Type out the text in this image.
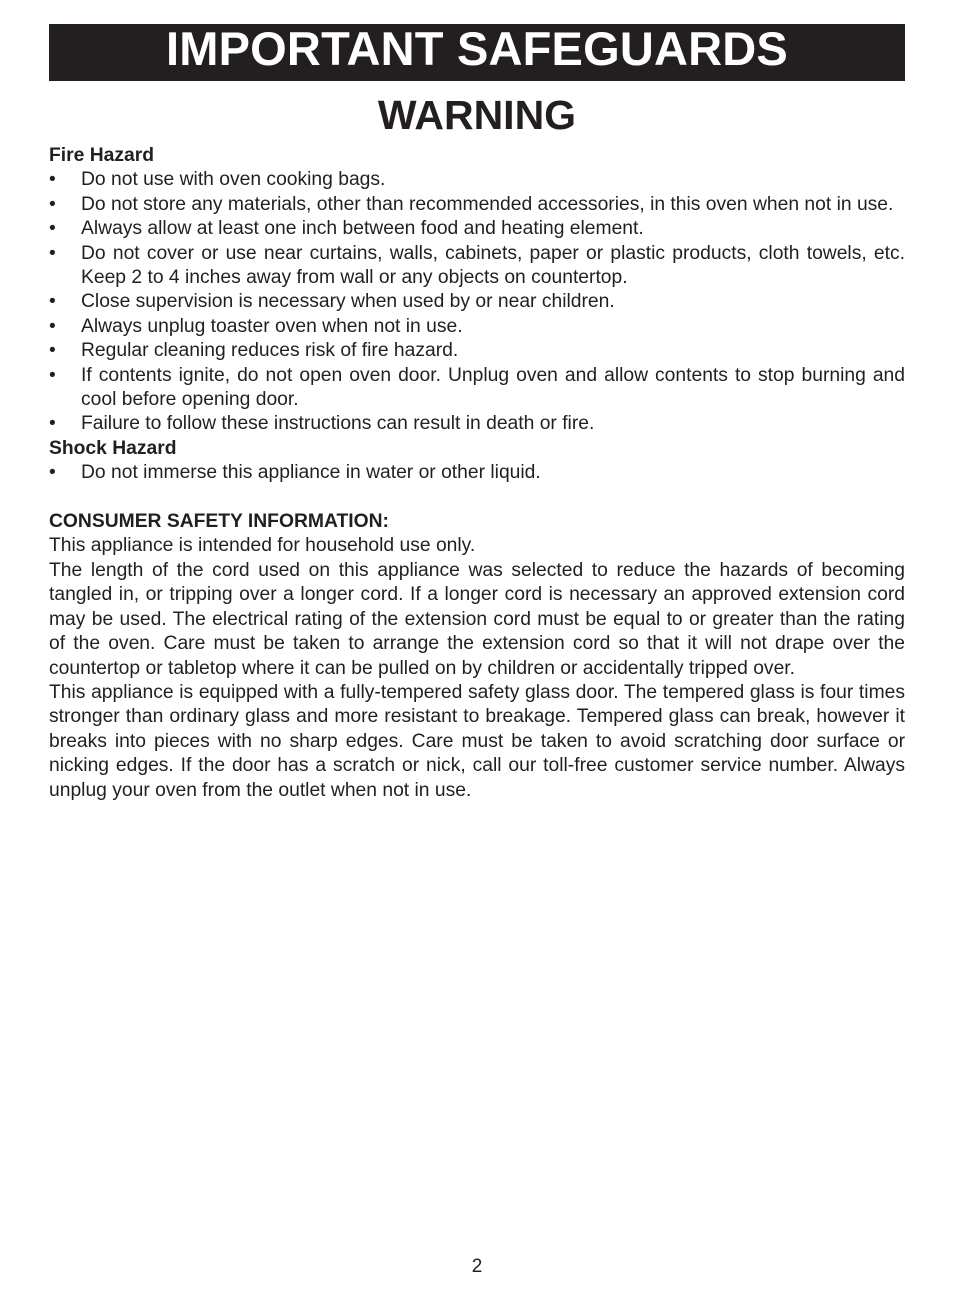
IMPORTANT SAFEGUARDS
WARNING
Fire Hazard
• Do not use with oven cooking bags.
• Do not store any materials, other than recommended accessories, in this oven when not in use.
• Always allow at least one inch between food and heating element.
• Do not cover or use near curtains, walls, cabinets, paper or plastic products, cloth towels, etc. Keep 2 to 4 inches away from wall or any objects on countertop.
• Close supervision is necessary when used by or near children.
• Always unplug toaster oven when not in use.
• Regular cleaning reduces risk of fire hazard.
• If contents ignite, do not open oven door. Unplug oven and allow contents to stop burning and cool before opening door.
• Failure to follow these instructions can result in death or fire.
Shock Hazard
• Do not immerse this appliance in water or other liquid.
CONSUMER SAFETY INFORMATION:

This appliance is intended for household use only.

The length of the cord used on this appliance was selected to reduce the hazards of becoming tangled in, or tripping over a longer cord. If a longer cord is necessary an approved extension cord may be used. The electrical rating of the extension cord must be equal to or greater than the rating of the oven. Care must be taken to arrange the extension cord so that it will not drape over the countertop or tabletop where it can be pulled on by children or accidentally tripped over.

This appliance is equipped with a fully-tempered safety glass door. The tempered glass is four times stronger than ordinary glass and more resistant to breakage. Tempered glass can break, however it breaks into pieces with no sharp edges. Care must be taken to avoid scratching door surface or nicking edges. If the door has a scratch or nick, call our toll-free customer service number. Always unplug your oven from the outlet when not in use.

2
